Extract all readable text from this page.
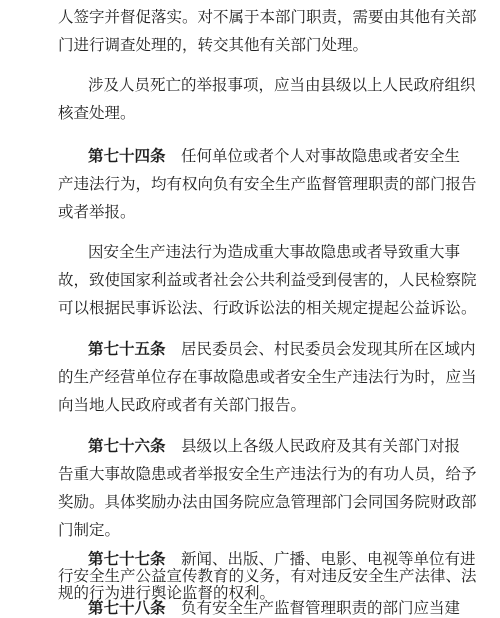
人签字并督促落实。对不属于本部门职责，需要由其他有关部
门进行调查处理的，转交其他有关部门处理。
涉及人员死亡的举报事项，应当由县级以上人民政府组织
核查处理。
第七十四条　 任何单位或者个人对事故隐患或者安全生
产违法行为，均有权向负有安全生产监督管理职责的部门报告
或者举报。
因安全生产违法行为造成重大事故隐患或者导致重大事
故，致使国家利益或者社会公共利益受到侵害的，人民检察院
可以根据民事诉讼法、行政诉讼法的相关规定提起公益诉讼。
第七十五条　 居民委员会、村民委员会发现其所在区域内
的生产经营单位存在事故隐患或者安全生产违法行为时，应当
向当地人民政府或者有关部门报告。
第七十六条　 县级以上各级人民政府及其有关部门对报
告重大事故隐患或者举报安全生产违法行为的有功人员，给予
奖励。具体奖励办法由国务院应急管理部门会同国务院财政部
门制定。
第七十七条　 新闻、出版、广播、电影、电视等单位有进
行安全生产公益宣传教育的义务，有对违反安全生产法律、法
规的行为进行舆论监督的权利。
第七十八条　 负有安全生产监督管理职责的部门应当建
